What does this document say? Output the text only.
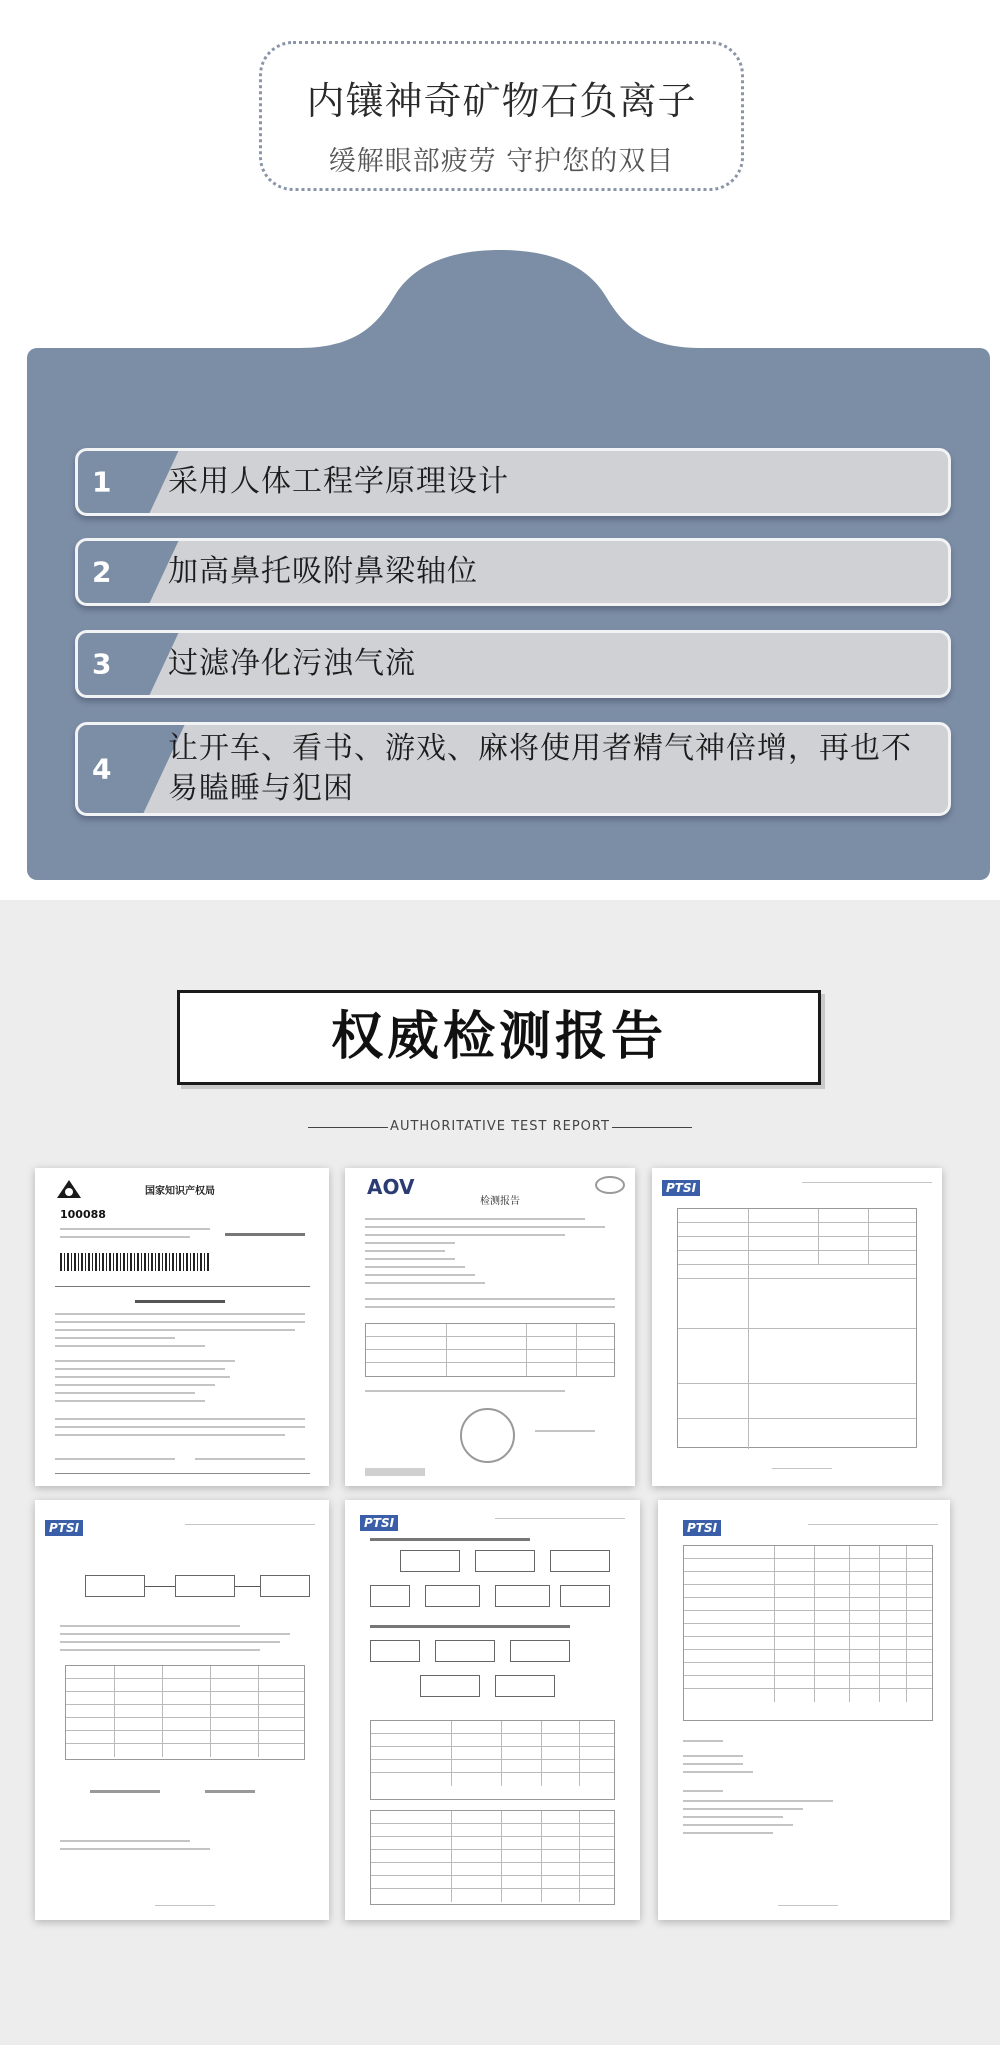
内镶神奇矿物石负离子
缓解眼部疲劳 守护您的双目
1 采用人体工程学原理设计
2 加高鼻托吸附鼻梁轴位
3 过滤净化污浊气流
4
让开车、看书、游戏、麻将使用者精气神倍增，再也不易瞌睡与犯困
权威检测报告
AUTHORITATIVE TEST REPORT
国家知识产权局
100088
AOV
检测报告
PTSI
PTSI	PTSI	PTSI
